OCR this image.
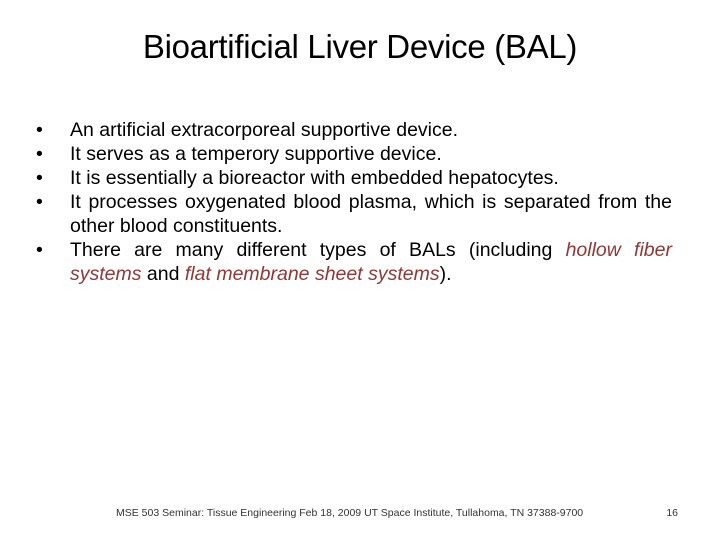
Bioartificial Liver Device (BAL)
•	An artificial extracorporeal supportive device.
•	It serves as a temperory supportive device.
•	It is essentially a bioreactor with embedded hepatocytes.
•	It processes oxygenated blood plasma, which is separated from the other blood constituents.
•	There are many different types of BALs (including hollow fiber systems and flat membrane sheet systems).
MSE 503 Seminar: Tissue Engineering Feb 18, 2009 UT Space Institute, Tullahoma, TN 37388-9700	16
